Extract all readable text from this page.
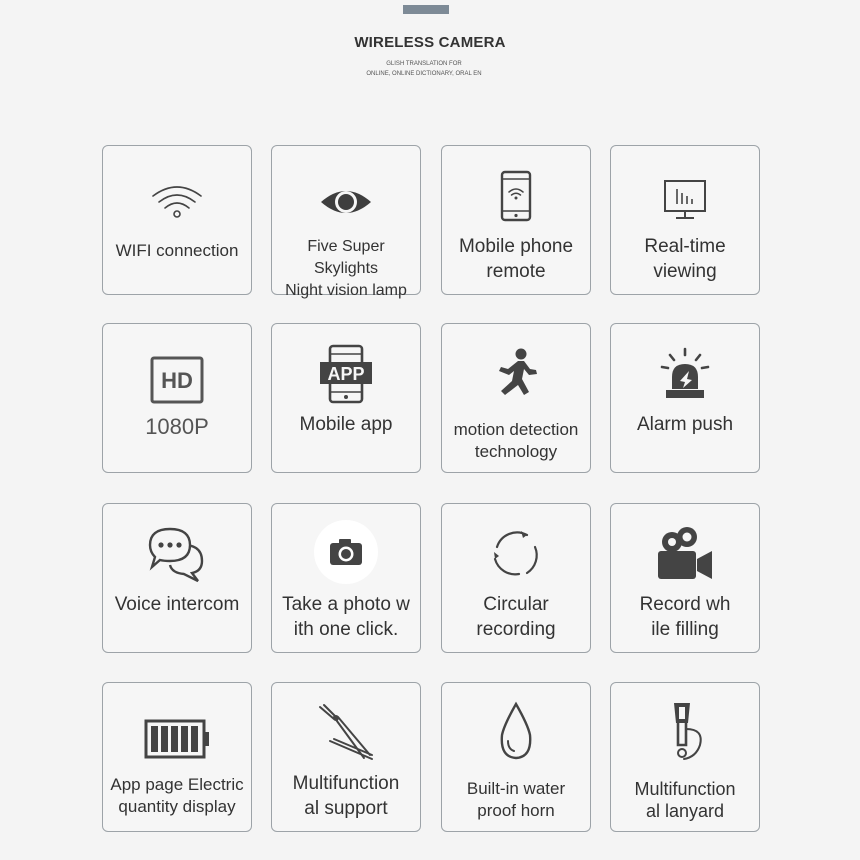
WIRELESS CAMERA
GLISH TRANSLATION FOR
ONLINE, ONLINE DICTIONARY, ORAL EN
WIFI connection	Five Super Skylights
Night vision lamp
Mobile phone
remote
Real-time
viewing
HD
1080P
APP
Mobile app	motion detection
technology
Alarm push
Voice intercom	Take a photo w
ith one click.
Circular
recording
Record wh
ile filling
App page Electric
quantity display
Multifunction
al support
Built-in water
proof horn
Multifunction
al lanyard
